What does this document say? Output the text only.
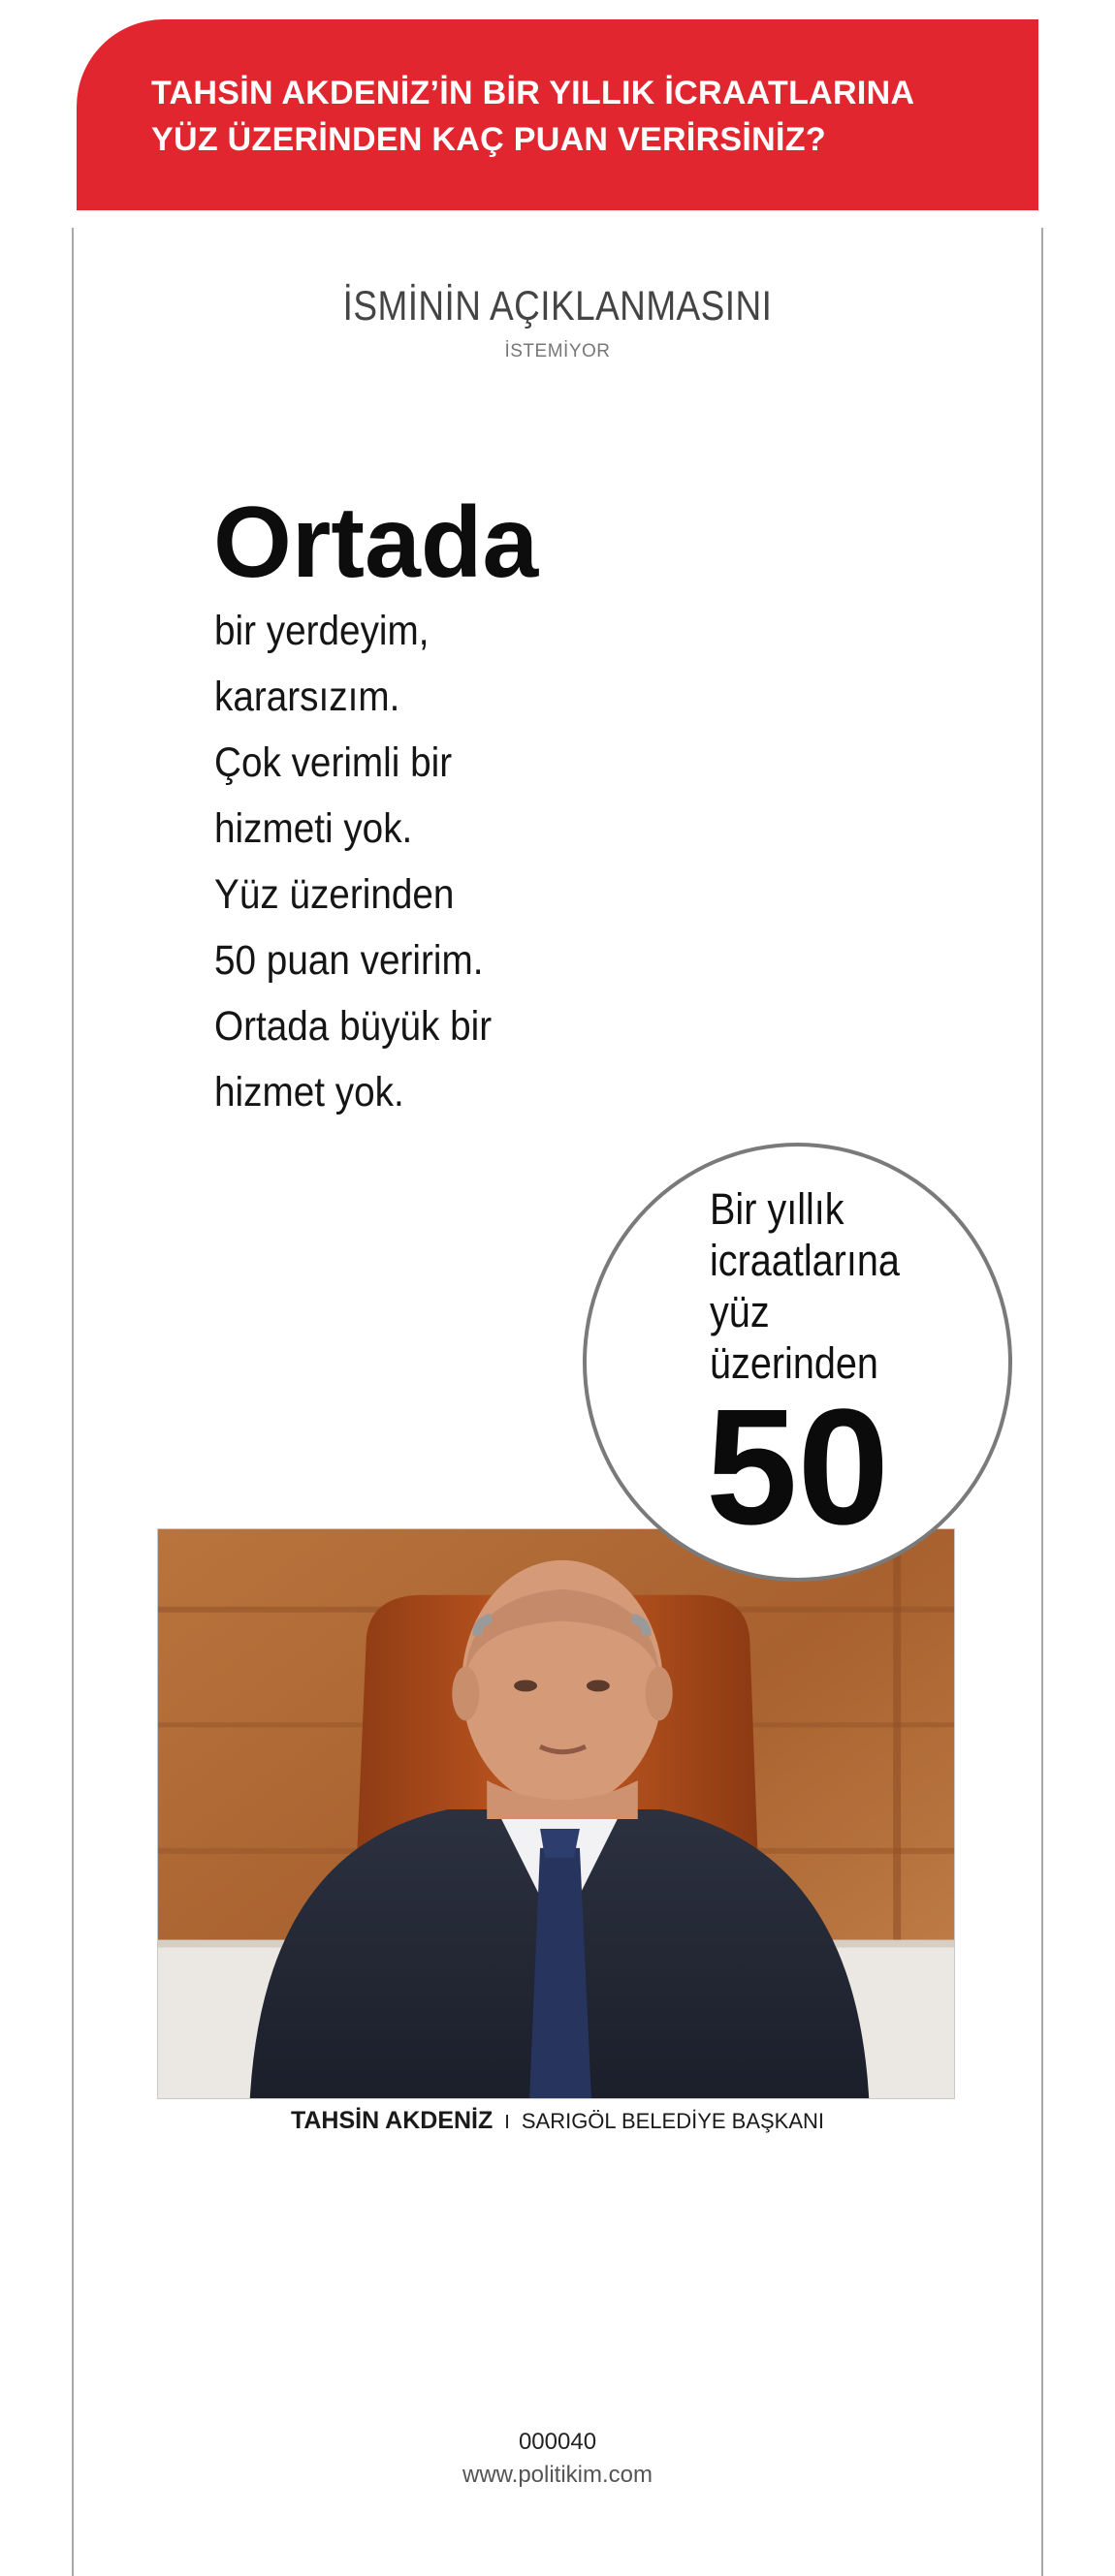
TAHSİN AKDENİZ’İN BİR YILLIK İCRAATLARINA
YÜZ ÜZERİNDEN KAÇ PUAN VERİRSİNİZ?
İSMİNİN AÇIKLANMASINI
İSTEMİYOR
Ortada
bir yerdeyim,
kararsızım.
Çok verimli bir
hizmeti yok.
Yüz üzerinden
50 puan veririm.
Ortada büyük bir
hizmet yok.
Bir yıllık
icraatlarına
yüz
üzerinden
50
TAHSİN AKDENİZ I SARIGÖL BELEDİYE BAŞKANI
000040
www.politikim.com
